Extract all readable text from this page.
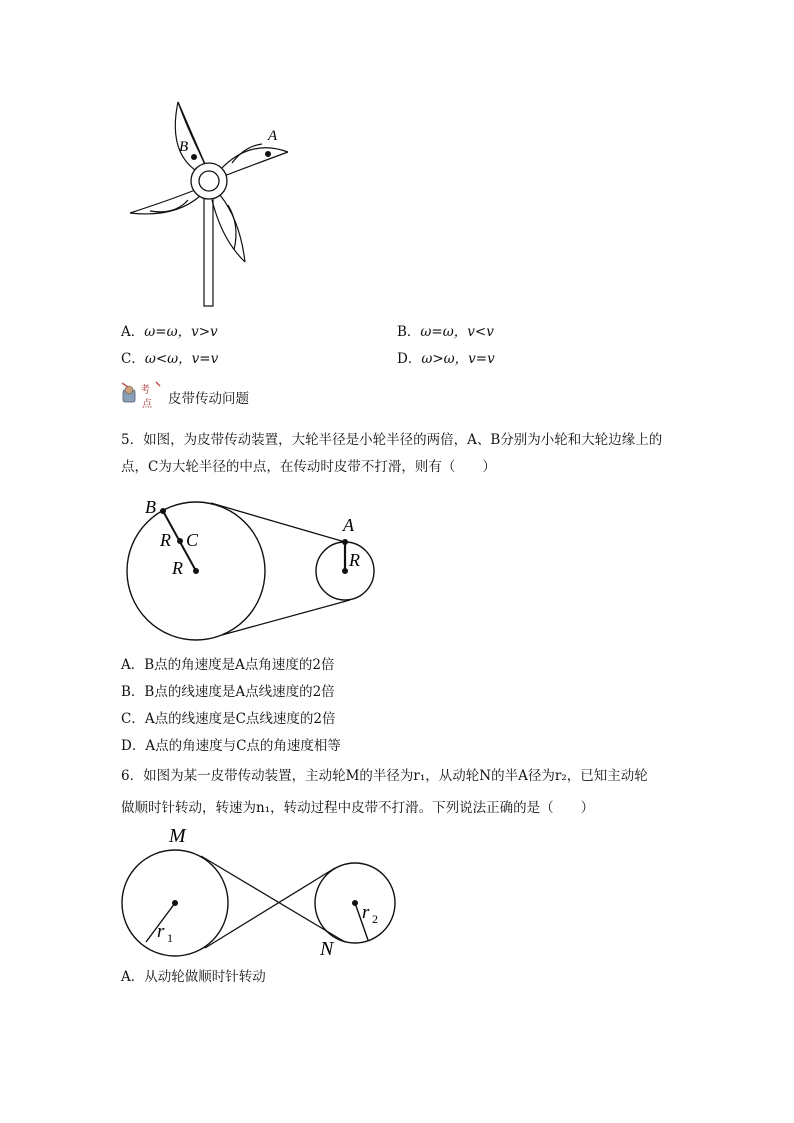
B
A
A．ω=ω，v>v	B．ω=ω，v<v
C．ω<ω，v=v	D．ω>ω，v=v
考
点 皮带传动问题
5．如图，为皮带传动装置，大轮半径是小轮半径的两倍，A、B分别为小轮和大轮边缘上的
点，C为大轮半径的中点，在传动时皮带不打滑，则有（　　）
B
R C
R
A
R
A．B点的角速度是A点角速度的2倍
B．B点的线速度是A点线速度的2倍
C．A点的线速度是C点线速度的2倍
D．A点的角速度与C点的角速度相等
6．如图为某一皮带传动装置，主动轮M的半径为r₁，从动轮N的半A径为r₂，已知主动轮
做顺时针转动，转速为n₁，转动过程中皮带不打滑。下列说法正确的是（　　）
M
N
r 1
r 2
A．从动轮做顺时针转动
